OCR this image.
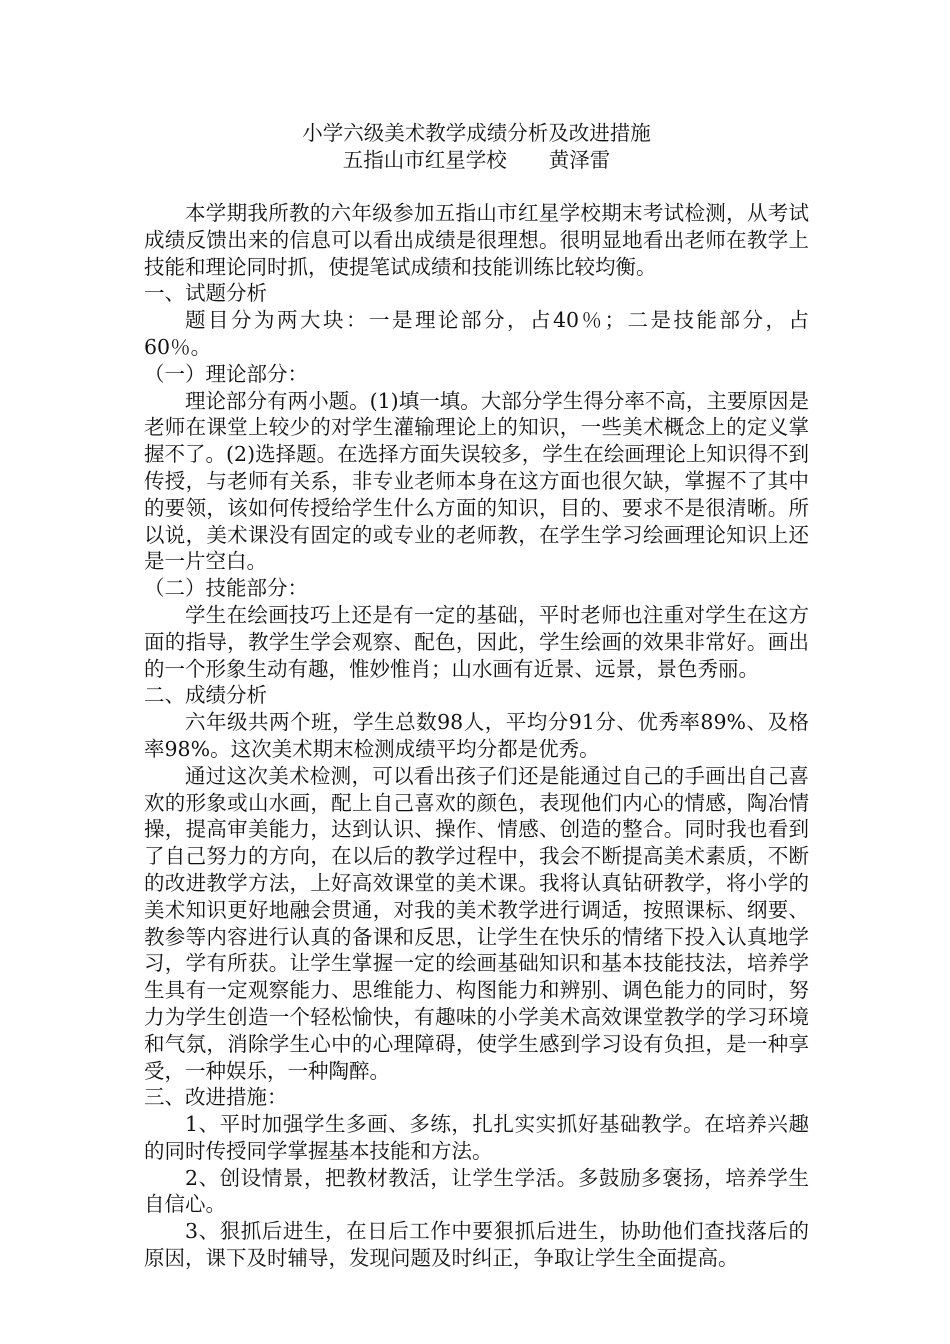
小学六级美术教学成绩分析及改进措施
五指山市红星学校 黄泽雷

本学期我所教的六年级参加五指山市红星学校期末考试检测，从考试成绩反馈出来的信息可以看出成绩是很理想。很明显地看出老师在教学上技能和理论同时抓，使提笔试成绩和技能训练比较均衡。

一、试题分析

题目分为两大块：一是理论部分，占40％；二是技能部分，占60％。

（一）理论部分：

理论部分有两小题。(1)填一填。大部分学生得分率不高，主要原因是老师在课堂上较少的对学生灌输理论上的知识，一些美术概念上的定义掌握不了。(2)选择题。在选择方面失误较多，学生在绘画理论上知识得不到传授，与老师有关系，非专业老师本身在这方面也很欠缺，掌握不了其中的要领，该如何传授给学生什么方面的知识，目的、要求不是很清晰。所以说，美术课没有固定的或专业的老师教，在学生学习绘画理论知识上还是一片空白。

（二）技能部分：

学生在绘画技巧上还是有一定的基础，平时老师也注重对学生在这方面的指导，教学生学会观察、配色，因此，学生绘画的效果非常好。画出的一个形象生动有趣，惟妙惟肖；山水画有近景、远景，景色秀丽。

二、成绩分析

六年级共两个班，学生总数98人，平均分91分、优秀率89%、及格率98%。这次美术期末检测成绩平均分都是优秀。

通过这次美术检测，可以看出孩子们还是能通过自己的手画出自己喜欢的形象或山水画，配上自己喜欢的颜色，表现他们内心的情感，陶冶情操，提高审美能力，达到认识、操作、情感、创造的整合。同时我也看到了自己努力的方向，在以后的教学过程中，我会不断提高美术素质，不断的改进教学方法，上好高效课堂的美术课。我将认真钻研教学，将小学的美术知识更好地融会贯通，对我的美术教学进行调适，按照课标、纲要、教参等内容进行认真的备课和反思，让学生在快乐的情绪下投入认真地学习，学有所获。让学生掌握一定的绘画基础知识和基本技能技法，培养学生具有一定观察能力、思维能力、构图能力和辨别、调色能力的同时，努力为学生创造一个轻松愉快，有趣味的小学美术高效课堂教学的学习环境和气氛，消除学生心中的心理障碍，使学生感到学习设有负担，是一种享受，一种娱乐，一种陶醉。

三、改进措施：

1、平时加强学生多画、多练，扎扎实实抓好基础教学。在培养兴趣的同时传授同学掌握基本技能和方法。

2、创设情景，把教材教活，让学生学活。多鼓励多褒扬，培养学生自信心。

3、狠抓后进生，在日后工作中要狠抓后进生，协助他们查找落后的原因，课下及时辅导，发现问题及时纠正，争取让学生全面提高。
